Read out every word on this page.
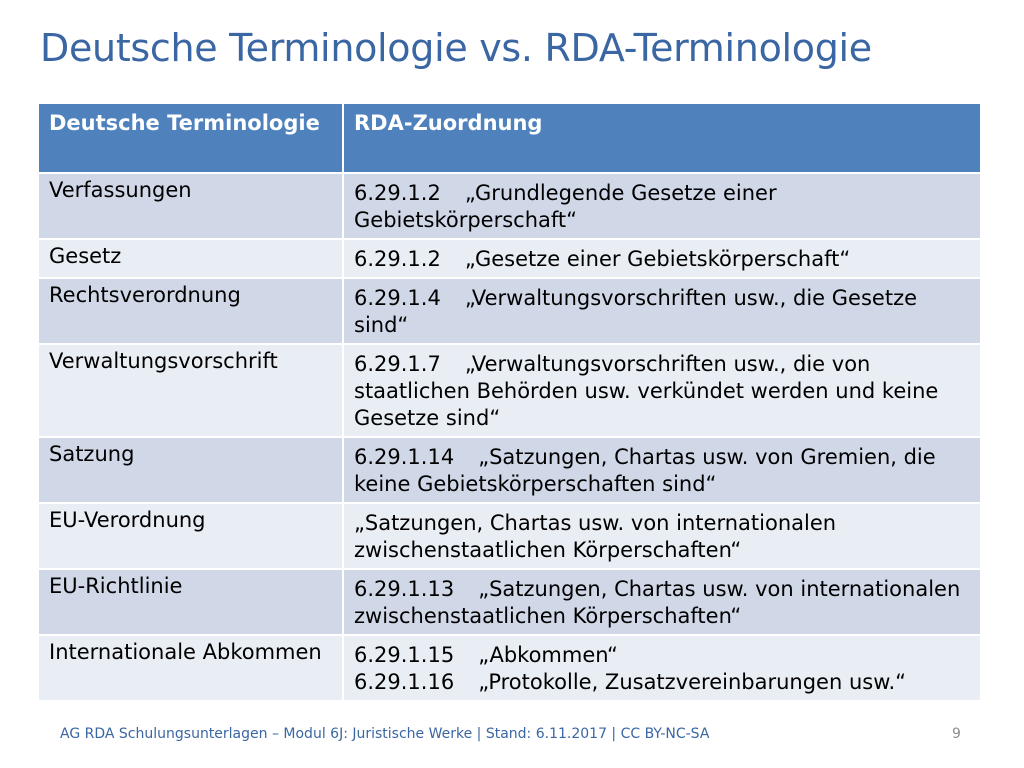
Deutsche Terminologie vs. RDA-Terminologie
Deutsche Terminologie	RDA-Zuordnung
Verfassungen	6.29.1.2 „Grundlegende Gesetze einer Gebietskörperschaft“

Gesetz	6.29.1.2 „Gesetze einer Gebietskörperschaft“

Rechtsverordnung	6.29.1.4 „Verwaltungsvorschriften usw., die Gesetze sind“

Verwaltungsvorschrift	6.29.1.7 „Verwaltungsvorschriften usw., die von staatlichen Behörden usw. verkündet werden und keine Gesetze sind“

Satzung	6.29.1.14 „Satzungen, Chartas usw. von Gremien, die keine Gebietskörperschaften sind“

EU-Verordnung	„Satzungen, Chartas usw. von internationalen zwischenstaatlichen Körperschaften“

EU-Richtlinie	6.29.1.13 „Satzungen, Chartas usw. von internationalen zwischenstaatlichen Körperschaften“

Internationale Abkommen	6.29.1.15 „Abkommen“
6.29.1.16 „Protokolle, Zusatzvereinbarungen usw.“
AG RDA Schulungsunterlagen – Modul 6J: Juristische Werke | Stand: 6.11.2017 | CC BY-NC-SA	9
